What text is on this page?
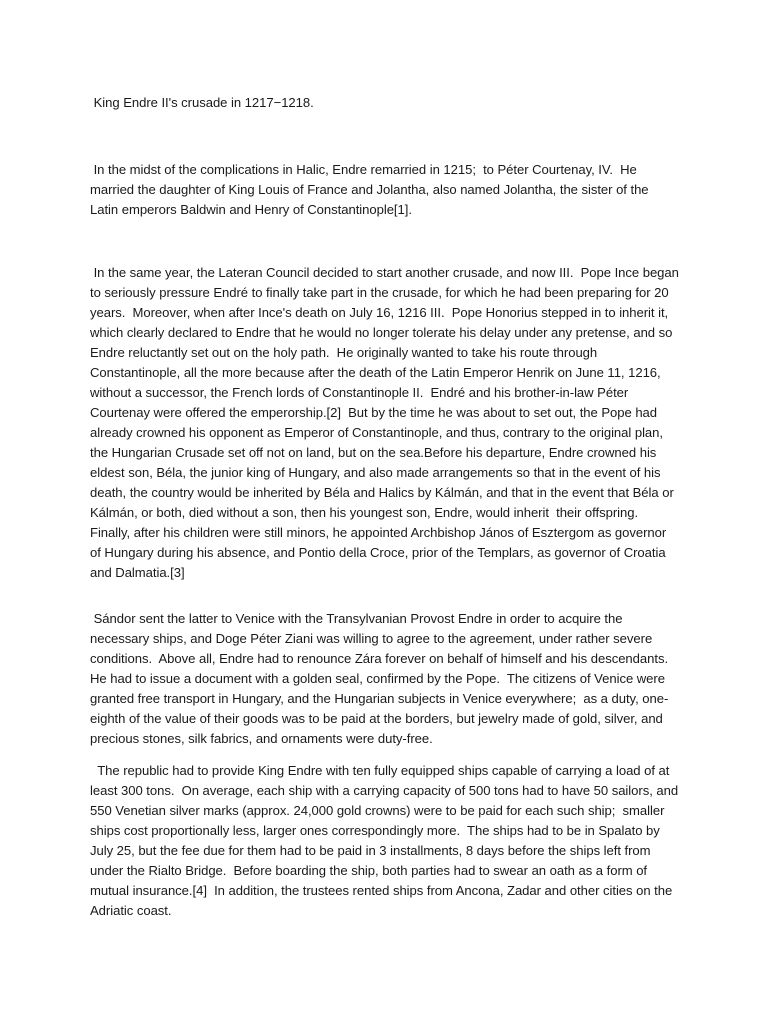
King Endre II's crusade in 1217−1218.

In the midst of the complications in Halic, Endre remarried in 1215;  to Péter Courtenay, IV.  He married the daughter of King Louis of France and Jolantha, also named Jolantha, the sister of the Latin emperors Baldwin and Henry of Constantinople[1].

In the same year, the Lateran Council decided to start another crusade, and now III.  Pope Ince began to seriously pressure Endré to finally take part in the crusade, for which he had been preparing for 20 years.  Moreover, when after Ince's death on July 16, 1216 III.  Pope Honorius stepped in to inherit it, which clearly declared to Endre that he would no longer tolerate his delay under any pretense, and so Endre reluctantly set out on the holy path.  He originally wanted to take his route through Constantinople, all the more because after the death of the Latin Emperor Henrik on June 11, 1216, without a successor, the French lords of Constantinople II.  Endré and his brother-in-law Péter Courtenay were offered the emperorship.[2]  But by the time he was about to set out, the Pope had already crowned his opponent as Emperor of Constantinople, and thus, contrary to the original plan, the Hungarian Crusade set off not on land, but on the sea.Before his departure, Endre crowned his eldest son, Béla, the junior king of Hungary, and also made arrangements so that in the event of his death, the country would be inherited by Béla and Halics by Kálmán, and that in the event that Béla or Kálmán, or both, died without a son, then his youngest son, Endre, would inherit  their offspring.  Finally, after his children were still minors, he appointed Archbishop János of Esztergom as governor of Hungary during his absence, and Pontio della Croce, prior of the Templars, as governor of Croatia and Dalmatia.[3]

Sándor sent the latter to Venice with the Transylvanian Provost Endre in order to acquire the necessary ships, and Doge Péter Ziani was willing to agree to the agreement, under rather severe conditions.  Above all, Endre had to renounce Zára forever on behalf of himself and his descendants.  He had to issue a document with a golden seal, confirmed by the Pope.  The citizens of Venice were granted free transport in Hungary, and the Hungarian subjects in Venice everywhere;  as a duty, one-eighth of the value of their goods was to be paid at the borders, but jewelry made of gold, silver, and precious stones, silk fabrics, and ornaments were duty-free.

The republic had to provide King Endre with ten fully equipped ships capable of carrying a load of at least 300 tons.  On average, each ship with a carrying capacity of 500 tons had to have 50 sailors, and 550 Venetian silver marks (approx. 24,000 gold crowns) were to be paid for each such ship;  smaller ships cost proportionally less, larger ones correspondingly more.  The ships had to be in Spalato by July 25, but the fee due for them had to be paid in 3 installments, 8 days before the ships left from under the Rialto Bridge.  Before boarding the ship, both parties had to swear an oath as a form of mutual insurance.[4]  In addition, the trustees rented ships from Ancona, Zadar and other cities on the Adriatic coast.
